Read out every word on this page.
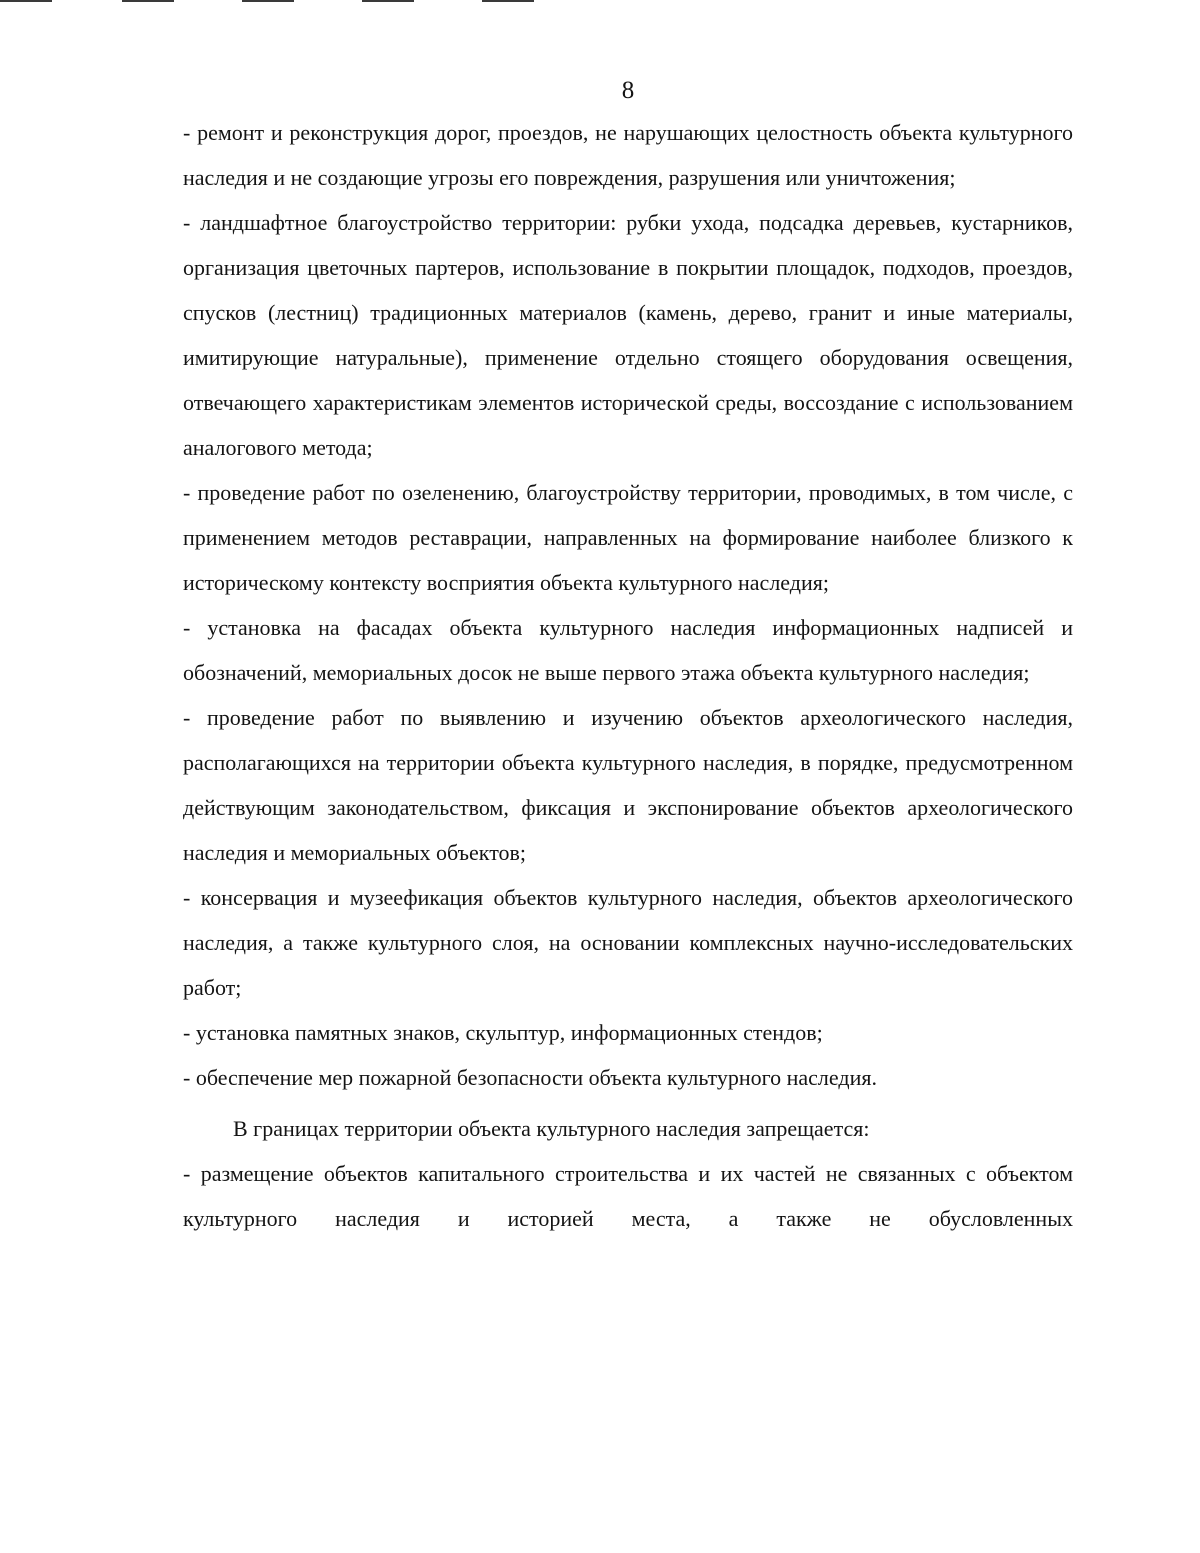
8

- ремонт и реконструкция дорог, проездов, не нарушающих целостность объекта культурного наследия и не создающие угрозы его повреждения, разрушения или уничтожения;

- ландшафтное благоустройство территории: рубки ухода, подсадка деревьев, кустарников, организация цветочных партеров, использование в покрытии площадок, подходов, проездов, спусков (лестниц) традиционных материалов (камень, дерево, гранит и иные материалы, имитирующие натуральные), применение отдельно стоящего оборудования освещения, отвечающего характеристикам элементов исторической среды, воссоздание с использованием аналогового метода;

- проведение работ по озеленению, благоустройству территории, проводимых, в том числе, с применением методов реставрации, направленных на формирование наиболее близкого к историческому контексту восприятия объекта культурного наследия;

- установка на фасадах объекта культурного наследия информационных надписей и обозначений, мемориальных досок не выше первого этажа объекта культурного наследия;

- проведение работ по выявлению и изучению объектов археологического наследия, располагающихся на территории объекта культурного наследия, в порядке, предусмотренном действующим законодательством, фиксация и экспонирование объектов археологического наследия и мемориальных объектов;

- консервация и музеефикация объектов культурного наследия, объектов археологического наследия, а также культурного слоя, на основании комплексных научно-исследовательских работ;

- установка памятных знаков, скульптур, информационных стендов;

- обеспечение мер пожарной безопасности объекта культурного наследия.

В границах территории объекта культурного наследия запрещается:

- размещение объектов капитального строительства и их частей не связанных с объектом культурного наследия и историей места, а также не обусловленных
